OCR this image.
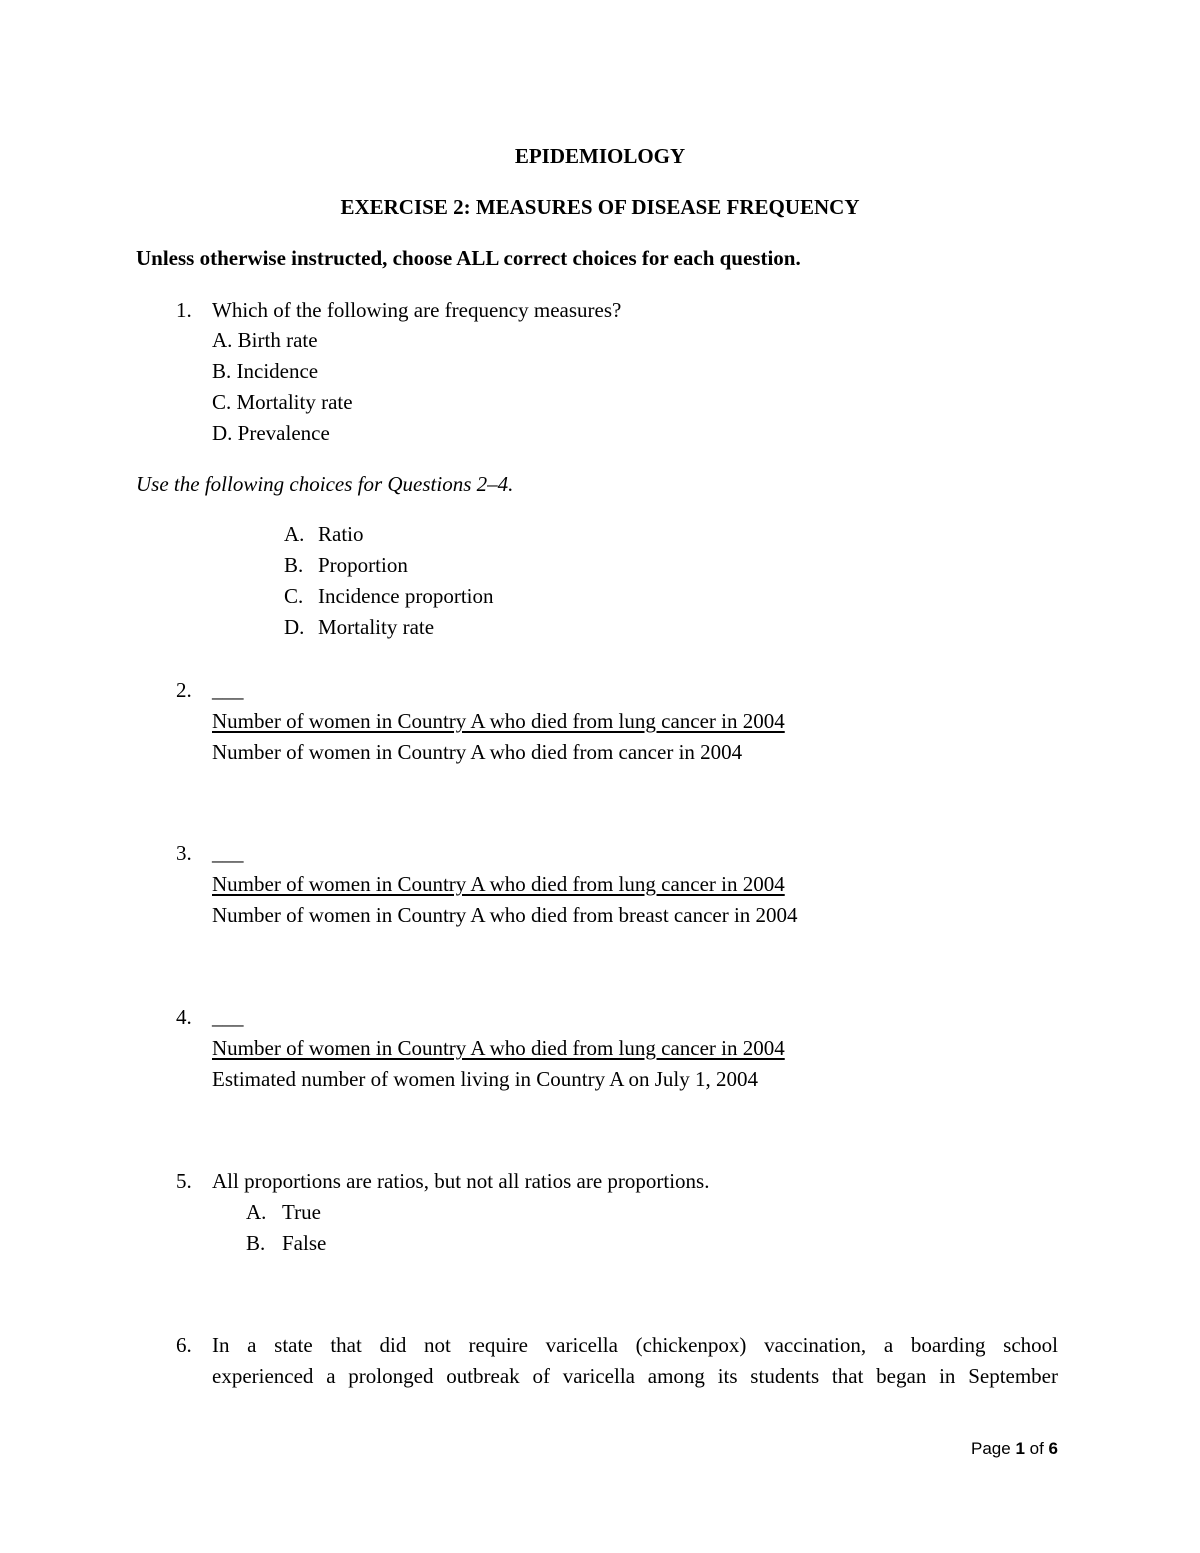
EPIDEMIOLOGY
EXERCISE 2: MEASURES OF DISEASE FREQUENCY
Unless otherwise instructed, choose ALL correct choices for each question.
1. Which of the following are frequency measures?
A. Birth rate
B. Incidence
C. Mortality rate
D. Prevalence
Use the following choices for Questions 2–4.
A. Ratio
B. Proportion
C. Incidence proportion
D. Mortality rate
2. ___
Number of women in Country A who died from lung cancer in 2004
Number of women in Country A who died from cancer in 2004
3. ___
Number of women in Country A who died from lung cancer in 2004
Number of women in Country A who died from breast cancer in 2004
4. ___
Number of women in Country A who died from lung cancer in 2004
Estimated number of women living in Country A on July 1, 2004
5. All proportions are ratios, but not all ratios are proportions.
A. True
B. False
6. In a state that did not require varicella (chickenpox) vaccination, a boarding school
experienced a prolonged outbreak of varicella among its students that began in September
Page 1 of 6
